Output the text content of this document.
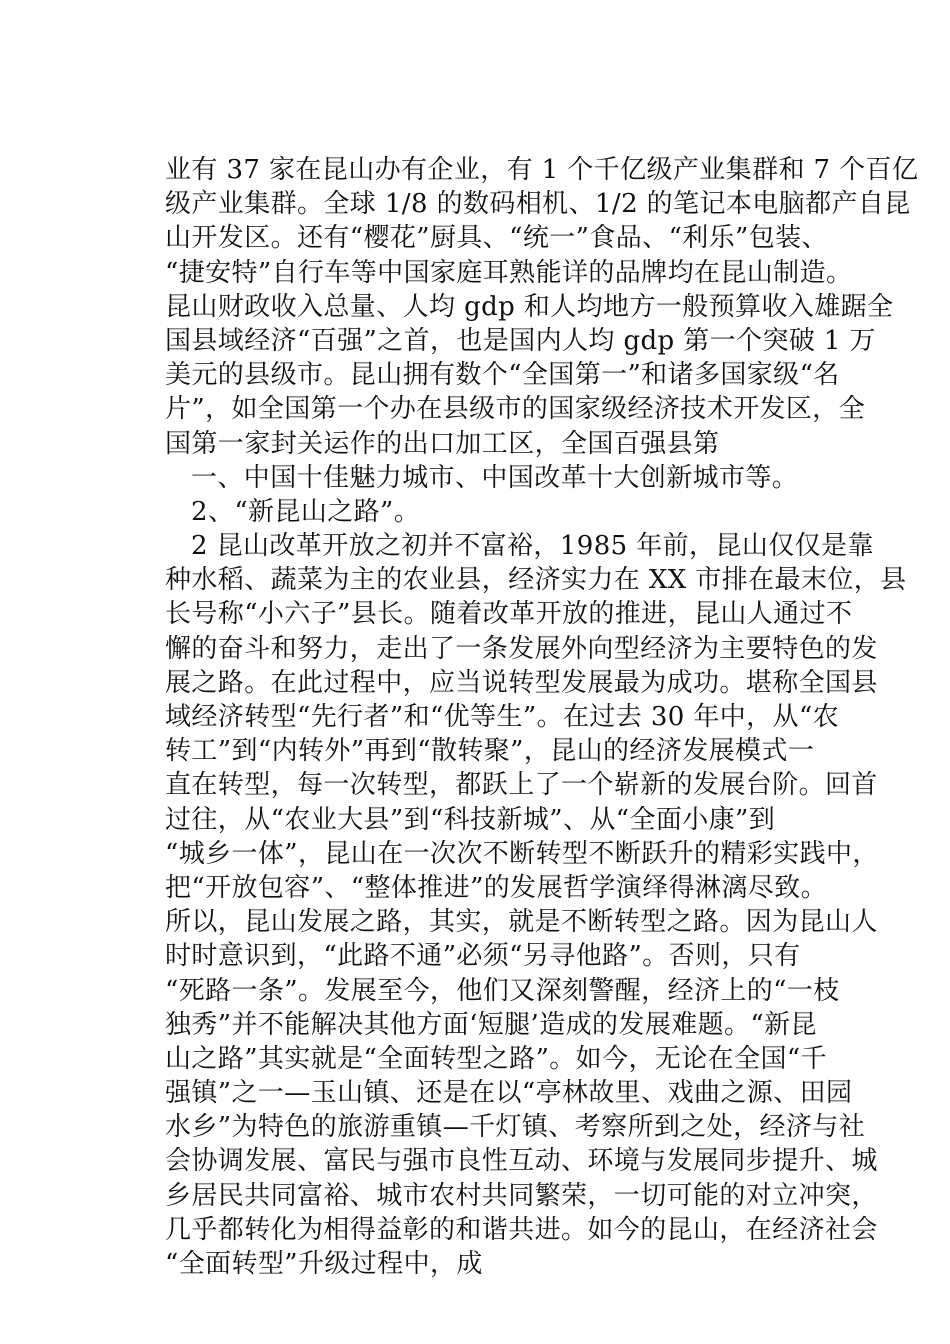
业有 37 家在昆山办有企业，有 1 个千亿级产业集群和 7 个百亿
级产业集群。全球 1/8 的数码相机、1/2 的笔记本电脑都产自昆
山开发区。还有“樱花”厨具、“统一”食品、“利乐”包装、
“捷安特”自行车等中国家庭耳熟能详的品牌均在昆山制造。
昆山财政收入总量、人均 gdp 和人均地方一般预算收入雄踞全
国县域经济“百强”之首，也是国内人均 gdp 第一个突破 1 万
美元的县级市。昆山拥有数个“全国第一”和诸多国家级“名
片”，如全国第一个办在县级市的国家级经济技术开发区，全
国第一家封关运作的出口加工区，全国百强县第
一、中国十佳魅力城市、中国改革十大创新城市等。
2、“新昆山之路”。
2 昆山改革开放之初并不富裕，1985 年前，昆山仅仅是靠
种水稻、蔬菜为主的农业县，经济实力在 XX 市排在最末位，县
长号称“小六子”县长。随着改革开放的推进，昆山人通过不
懈的奋斗和努力，走出了一条发展外向型经济为主要特色的发
展之路。在此过程中，应当说转型发展最为成功。堪称全国县
域经济转型“先行者”和“优等生”。在过去 30 年中，从“农
转工”到“内转外”再到“散转聚”，昆山的经济发展模式一
直在转型，每一次转型，都跃上了一个崭新的发展台阶。回首
过往，从“农业大县”到“科技新城”、从“全面小康”到
“城乡一体”，昆山在一次次不断转型不断跃升的精彩实践中，
把“开放包容”、“整体推进”的发展哲学演绎得淋漓尽致。
所以，昆山发展之路，其实，就是不断转型之路。因为昆山人
时时意识到，“此路不通”必须“另寻他路”。否则，只有
“死路一条”。发展至今，他们又深刻警醒，经济上的“一枝
独秀”并不能解决其他方面‘短腿’造成的发展难题。“新昆
山之路”其实就是“全面转型之路”。如今，无论在全国“千
强镇”之一—玉山镇、还是在以“亭林故里、戏曲之源、田园
水乡”为特色的旅游重镇—千灯镇、考察所到之处，经济与社
会协调发展、富民与强市良性互动、环境与发展同步提升、城
乡居民共同富裕、城市农村共同繁荣，一切可能的对立冲突，
几乎都转化为相得益彰的和谐共进。如今的昆山，在经济社会
“全面转型”升级过程中，成
